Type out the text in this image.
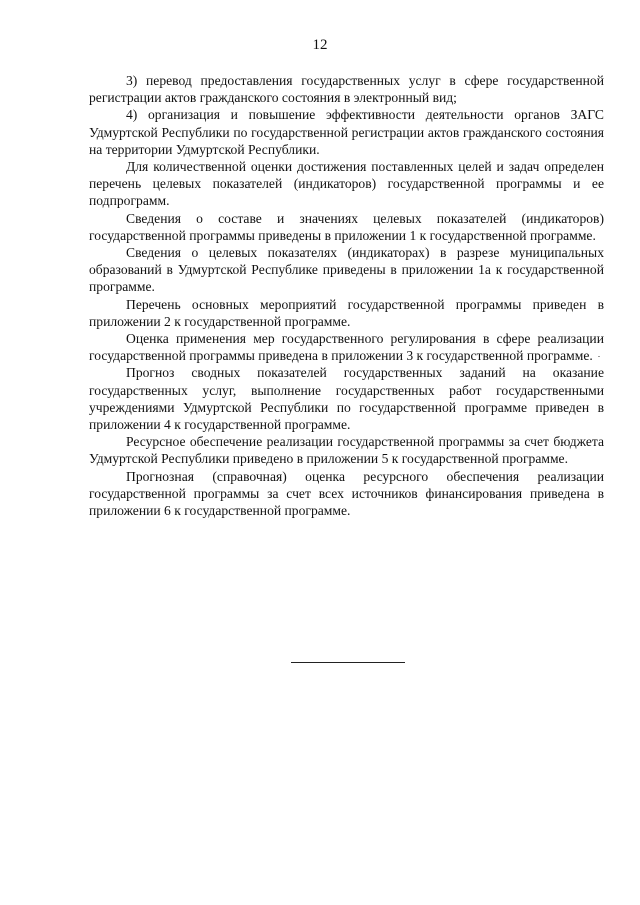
12

3) перевод предоставления государственных услуг в сфере государственной регистрации актов гражданского состояния в электронный вид;

4) организация и повышение эффективности деятельности органов ЗАГС Удмуртской Республики по государственной регистрации актов гражданского состояния на территории Удмуртской Республики.

Для количественной оценки достижения поставленных целей и задач определен перечень целевых показателей (индикаторов) государственной программы и ее подпрограмм.

Сведения о составе и значениях целевых показателей (индикаторов) государственной программы приведены в приложении 1 к государственной программе.

Сведения о целевых показателях (индикаторах) в разрезе муниципальных образований в Удмуртской Республике приведены в приложении 1а к государственной программе.

Перечень основных мероприятий государственной программы приведен в приложении 2 к государственной программе.

Оценка применения мер государственного регулирования в сфере реализации государственной программы приведена в приложении 3 к государственной программе.

Прогноз сводных показателей государственных заданий на оказание государственных услуг, выполнение государственных работ государственными учреждениями Удмуртской Республики по государственной программе приведен в приложении 4 к государственной программе.

Ресурсное обеспечение реализации государственной программы за счет бюджета Удмуртской Республики приведено в приложении 5 к государственной программе.

Прогнозная (справочная) оценка ресурсного обеспечения реализации государственной программы за счет всех источников финансирования приведена в приложении 6 к государственной программе.
